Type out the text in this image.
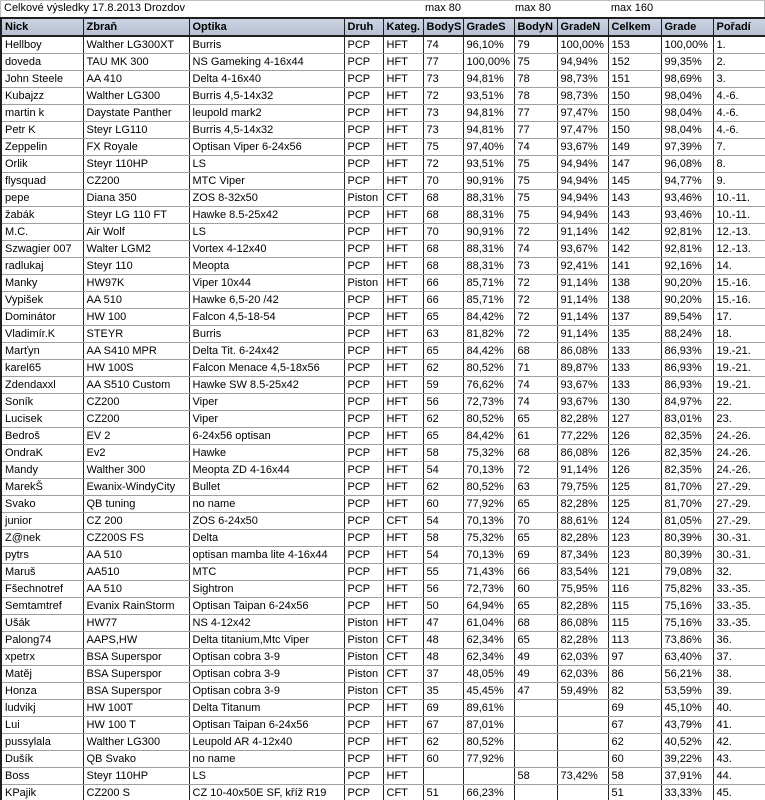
Celkové výsledky 17.8.2013 Drozdov	max 80	max 80	max 160
Nick	Zbraň	Optika	Druh	Kateg.	BodyS	GradeS	BodyN	GradeN	Celkem	Grade	Pořadí
Hellboy	Walther LG300XT	Burris	PCP	HFT	74	96,10%	79	100,00%	153	100,00%	1.
doveda	TAU MK 300	NS Gameking 4-16x44	PCP	HFT	77	100,00%	75	94,94%	152	99,35%	2.
John Steele	AA 410	Delta 4-16x40	PCP	HFT	73	94,81%	78	98,73%	151	98,69%	3.
Kubajzz	Walther LG300	Burris 4,5-14x32	PCP	HFT	72	93,51%	78	98,73%	150	98,04%	4.-6.
martin k	Daystate Panther	leupold mark2	PCP	HFT	73	94,81%	77	97,47%	150	98,04%	4.-6.
Petr K	Steyr LG110	Burris 4,5-14x32	PCP	HFT	73	94,81%	77	97,47%	150	98,04%	4.-6.
Zeppelin	FX Royale	Optisan Viper 6-24x56	PCP	HFT	75	97,40%	74	93,67%	149	97,39%	7.
Orlik	Steyr 110HP	LS	PCP	HFT	72	93,51%	75	94,94%	147	96,08%	8.
flysquad	CZ200	MTC Viper	PCP	HFT	70	90,91%	75	94,94%	145	94,77%	9.
pepe	Diana 350	ZOS 8-32x50	Piston	CFT	68	88,31%	75	94,94%	143	93,46%	10.-11.
žabák	Steyr LG 110 FT	Hawke 8.5-25x42	PCP	HFT	68	88,31%	75	94,94%	143	93,46%	10.-11.
M.C.	Air Wolf	LS	PCP	HFT	70	90,91%	72	91,14%	142	92,81%	12.-13.
Szwagier 007	Walter LGM2	Vortex 4-12x40	PCP	HFT	68	88,31%	74	93,67%	142	92,81%	12.-13.
radlukaj	Steyr 110	Meopta	PCP	HFT	68	88,31%	73	92,41%	141	92,16%	14.
Manky	HW97K	Viper 10x44	Piston	HFT	66	85,71%	72	91,14%	138	90,20%	15.-16.
Vypišek	AA 510	Hawke 6,5-20 /42	PCP	HFT	66	85,71%	72	91,14%	138	90,20%	15.-16.
Dominátor	HW 100	Falcon 4,5-18-54	PCP	HFT	65	84,42%	72	91,14%	137	89,54%	17.
Vladimír.K	STEYR	Burris	PCP	HFT	63	81,82%	72	91,14%	135	88,24%	18.
Marťyn	AA S410 MPR	Delta Tit. 6-24x42	PCP	HFT	65	84,42%	68	86,08%	133	86,93%	19.-21.
karel65	HW 100S	Falcon Menace 4,5-18x56	PCP	HFT	62	80,52%	71	89,87%	133	86,93%	19.-21.
Zdendaxxl	AA S510 Custom	Hawke SW 8.5-25x42	PCP	HFT	59	76,62%	74	93,67%	133	86,93%	19.-21.
Soník	CZ200	Viper	PCP	HFT	56	72,73%	74	93,67%	130	84,97%	22.
Lucisek	CZ200	Viper	PCP	HFT	62	80,52%	65	82,28%	127	83,01%	23.
Bedroš	EV 2	6-24x56 optisan	PCP	HFT	65	84,42%	61	77,22%	126	82,35%	24.-26.
OndraK	Ev2	Hawke	PCP	HFT	58	75,32%	68	86,08%	126	82,35%	24.-26.
Mandy	Walther 300	Meopta ZD 4-16x44	PCP	HFT	54	70,13%	72	91,14%	126	82,35%	24.-26.
MarekŠ	Ewanix-WindyCity	Bullet	PCP	HFT	62	80,52%	63	79,75%	125	81,70%	27.-29.
Svako	QB tuning	no name	PCP	HFT	60	77,92%	65	82,28%	125	81,70%	27.-29.
junior	CZ 200	ZOS 6-24x50	PCP	CFT	54	70,13%	70	88,61%	124	81,05%	27.-29.
Z@nek	CZ200S FS	Delta	PCP	HFT	58	75,32%	65	82,28%	123	80,39%	30.-31.
pytrs	AA 510	optisan mamba lite 4-16x44	PCP	HFT	54	70,13%	69	87,34%	123	80,39%	30.-31.
Maruš	AA510	MTC	PCP	HFT	55	71,43%	66	83,54%	121	79,08%	32.
Fšechnotref	AA 510	Sightron	PCP	HFT	56	72,73%	60	75,95%	116	75,82%	33.-35.
Semtamtref	Evanix RainStorm	Optisan Taipan 6-24x56	PCP	HFT	50	64,94%	65	82,28%	115	75,16%	33.-35.
Ušák	HW77	NS 4-12x42	Piston	HFT	47	61,04%	68	86,08%	115	75,16%	33.-35.
Palong74	AAPS,HW	Delta titanium,Mtc Viper	Piston	CFT	48	62,34%	65	82,28%	113	73,86%	36.
xpetrx	BSA Superspor	Optisan cobra 3-9	Piston	CFT	48	62,34%	49	62,03%	97	63,40%	37.
Matěj	BSA Superspor	Optisan cobra 3-9	Piston	CFT	37	48,05%	49	62,03%	86	56,21%	38.
Honza	BSA Superspor	Optisan cobra 3-9	Piston	CFT	35	45,45%	47	59,49%	82	53,59%	39.
ludvikj	HW 100T	Delta Titanum	PCP	HFT	69	89,61%			69	45,10%	40.
Lui	HW 100 T	Optisan Taipan 6-24x56	PCP	HFT	67	87,01%			67	43,79%	41.
pussylala	Walther LG300	Leupold AR 4-12x40	PCP	HFT	62	80,52%			62	40,52%	42.
Dušík	QB Svako	no name	PCP	HFT	60	77,92%			60	39,22%	43.
Boss	Steyr 110HP	LS	PCP	HFT			58	73,42%	58	37,91%	44.
KPajik	CZ200 S	CZ 10-40x50E SF, kříž R19	PCP	CFT	51	66,23%			51	33,33%	45.
